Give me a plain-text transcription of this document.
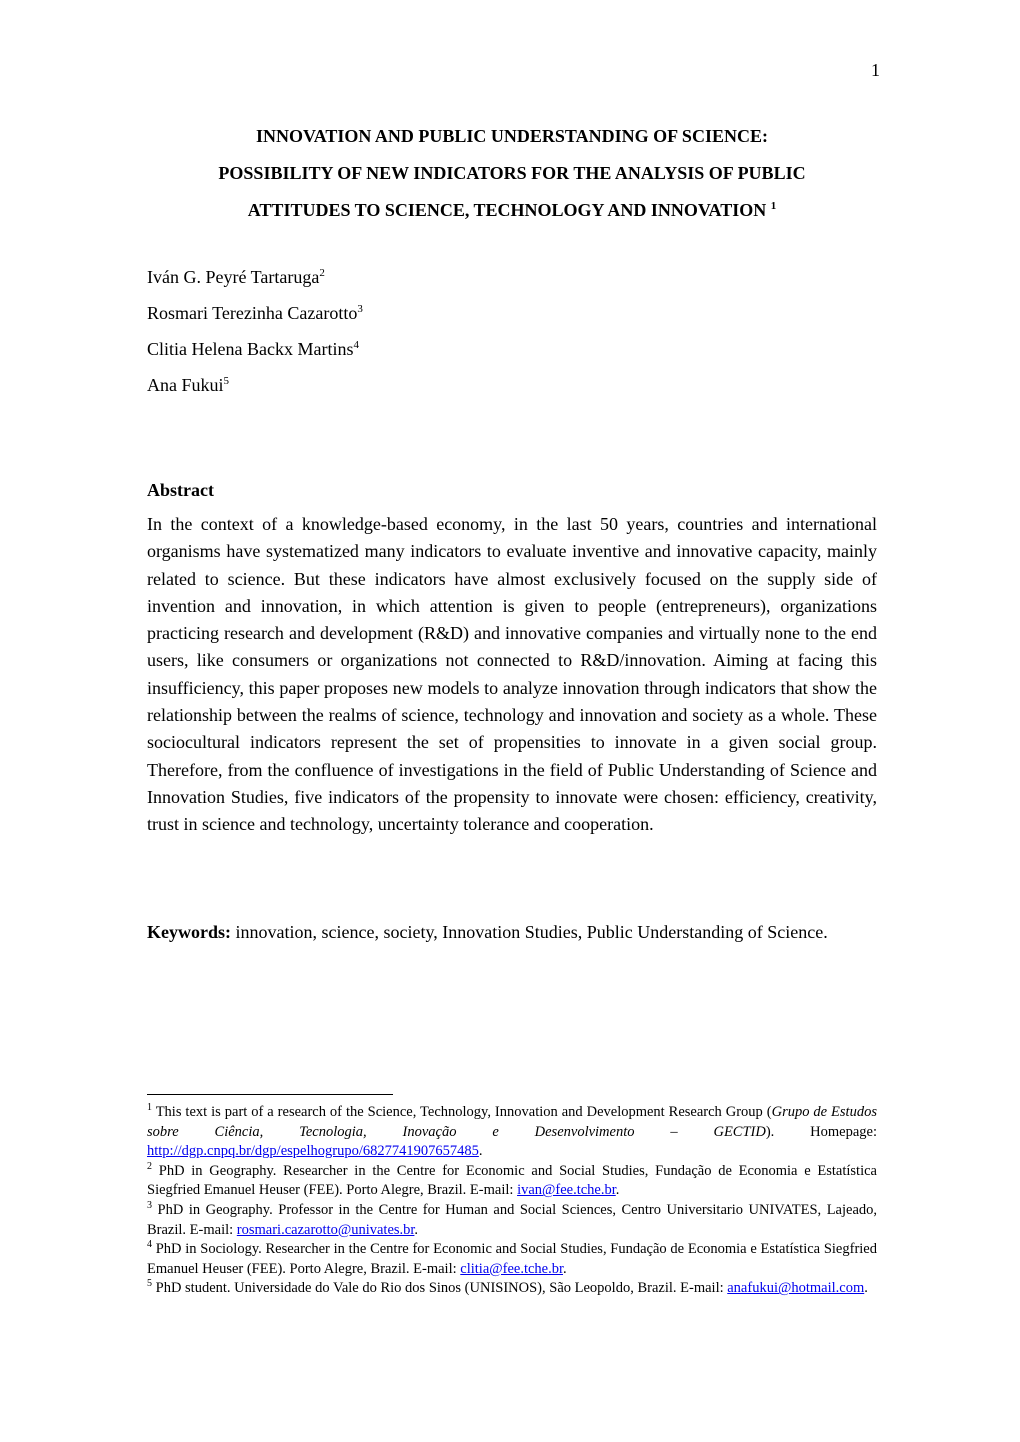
1
INNOVATION AND PUBLIC UNDERSTANDING OF SCIENCE:
POSSIBILITY OF NEW INDICATORS FOR THE ANALYSIS OF PUBLIC
ATTITUDES TO SCIENCE, TECHNOLOGY AND INNOVATION $^1$
Iván G. Peyré Tartaruga$^2$
Rosmari Terezinha Cazarotto$^3$
Clitia Helena Backx Martins$^4$
Ana Fukui$^5$
Abstract

In the context of a knowledge-based economy, in the last 50 years, countries and international organisms have systematized many indicators to evaluate inventive and innovative capacity, mainly related to science. But these indicators have almost exclusively focused on the supply side of invention and innovation, in which attention is given to people (entrepreneurs), organizations practicing research and development (R&D) and innovative companies and virtually none to the end users, like consumers or organizations not connected to R&D/innovation. Aiming at facing this insufficiency, this paper proposes new models to analyze innovation through indicators that show the relationship between the realms of science, technology and innovation and society as a whole. These sociocultural indicators represent the set of propensities to innovate in a given social group. Therefore, from the confluence of investigations in the field of Public Understanding of Science and Innovation Studies, five indicators of the propensity to innovate were chosen: efficiency, creativity, trust in science and technology, uncertainty tolerance and cooperation.

Keywords: innovation, science, society, Innovation Studies, Public Understanding of Science.

$^1$ This text is part of a research of the Science, Technology, Innovation and Development Research Group (Grupo de Estudos sobre Ciência, Tecnologia, Inovação e Desenvolvimento – GECTID). Homepage: http://dgp.cnpq.br/dgp/espelhogrupo/6827741907657485.

$^2$ PhD in Geography. Researcher in the Centre for Economic and Social Studies, Fundação de Economia e Estatística Siegfried Emanuel Heuser (FEE). Porto Alegre, Brazil. E-mail: ivan@fee.tche.br.

$^3$ PhD in Geography. Professor in the Centre for Human and Social Sciences, Centro Universitario UNIVATES, Lajeado, Brazil. E-mail: rosmari.cazarotto@univates.br.

$^4$ PhD in Sociology. Researcher in the Centre for Economic and Social Studies, Fundação de Economia e Estatística Siegfried Emanuel Heuser (FEE). Porto Alegre, Brazil. E-mail: clitia@fee.tche.br.

$^5$ PhD student. Universidade do Vale do Rio dos Sinos (UNISINOS), São Leopoldo, Brazil. E-mail: anafukui@hotmail.com.
